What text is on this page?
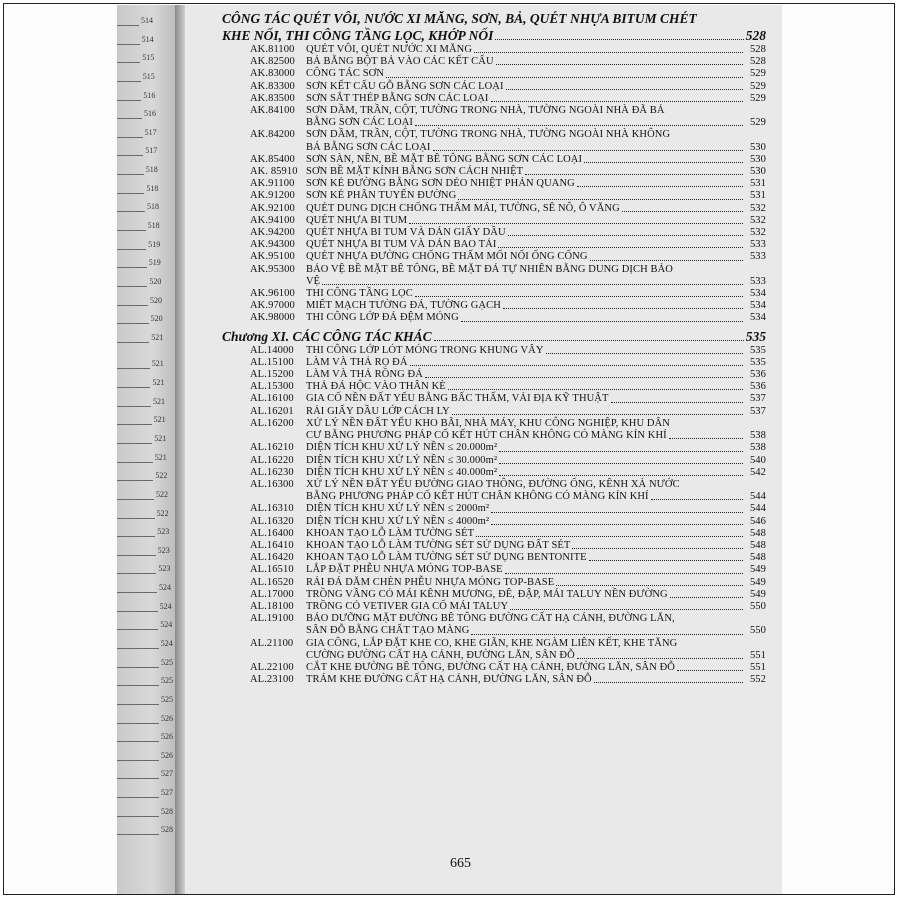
514
514
515
515
516
516
517
517
518
518
518
518
519
519
520
520
520
521
521
521
521
521
521
521
522
522
522
523
523
523
524
524
524
524
525
525
525
526
526
526
527
527
528
528
CÔNG TÁC QUÉT VÔI, NƯỚC XI MĂNG, SƠN, BẢ, QUÉT NHỰA BITUM CHÉT
KHE NỐI, THI CÔNG TẦNG LỌC, KHỚP NỐI	528
AK.81100	QUÉT VÔI, QUÉT NƯỚC XI MĂNG	528
AK.82500	BẢ BẰNG BỘT BẢ VÀO CÁC KẾT CẤU	528
AK.83000	CÔNG TÁC SƠN	529
AK.83300	SƠN KẾT CẤU GỖ BẰNG SƠN CÁC LOẠI	529
AK.83500	SƠN SẮT THÉP BẰNG SƠN CÁC LOẠI	529
AK.84100	SƠN DẦM, TRẦN, CỘT, TƯỜNG TRONG NHÀ, TƯỜNG NGOÀI NHÀ ĐÃ BẢ
BẰNG SƠN CÁC LOẠI	529
AK.84200	SƠN DẦM, TRẦN, CỘT, TƯỜNG TRONG NHÀ, TƯỜNG NGOÀI NHÀ KHÔNG
BẢ BẰNG SƠN CÁC LOẠI	530
AK.85400	SƠN SÀN, NỀN, BỀ MẶT BÊ TÔNG BẰNG SƠN CÁC LOẠI	530
AK. 85910 SƠN BỀ MẶT KÍNH BẰNG SƠN CÁCH NHIỆT	530
AK.91100	SƠN KẺ ĐƯỜNG BẰNG SƠN DẺO NHIỆT PHẢN QUANG	531
AK.91200	SƠN KẺ PHÂN TUYẾN ĐƯỜNG	531
AK.92100	QUÉT DUNG DỊCH CHỐNG THẤM MÁI, TƯỜNG, SÊ NÔ, Ô VĂNG	532
AK.94100	QUÉT NHỰA BI TUM	532
AK.94200	QUÉT NHỰA BI TUM VÀ DÁN GIẤY DẦU	532
AK.94300	QUÉT NHỰA BI TUM VÀ DÁN BAO TẢI	533
AK.95100	QUÉT NHỰA ĐƯỜNG CHỐNG THẤM MỐI NỐI ỐNG CỐNG	533
AK.95300	BẢO VỆ BỀ MẶT BÊ TÔNG, BỀ MẶT ĐÁ TỰ NHIÊN BẰNG DUNG DỊCH BẢO
VỆ	533
AK.96100	THI CÔNG TẦNG LỌC	534
AK.97000	MIẾT MẠCH TƯỜNG ĐÁ, TƯỜNG GẠCH	534
AK.98000	THI CÔNG LỚP ĐÁ ĐỆM MÓNG	534
Chương XI. CÁC CÔNG TÁC KHÁC	535
AL.14000	THI CÔNG LỚP LÓT MÓNG TRONG KHUNG VÂY	535
AL.15100	LÀM VÀ THẢ RỌ ĐÁ	535
AL.15200	LÀM VÀ THẢ RỒNG ĐÁ	536
AL.15300	THẢ ĐÁ HỘC VÀO THÂN KÈ	536
AL.16100	GIA CỐ NỀN ĐẤT YẾU BẰNG BẤC THẤM, VẢI ĐỊA KỸ THUẬT	537
AL.16201	RẢI GIẤY DẦU LỚP CÁCH LY	537
AL.16200	XỬ LÝ NỀN ĐẤT YẾU KHO BÃI, NHÀ MÁY, KHU CÔNG NGHIỆP, KHU DÂN
CƯ BẰNG PHƯƠNG PHÁP CỐ KẾT HÚT CHÂN KHÔNG CÓ MÀNG KÍN KHÍ	538
AL.16210	DIỆN TÍCH KHU XỬ LÝ NỀN ≤ 20.000m²	538
AL.16220	DIỆN TÍCH KHU XỬ LÝ NỀN ≤ 30.000m²	540
AL.16230	DIỆN TÍCH KHU XỬ LÝ NỀN ≤ 40.000m²	542
AL.16300	XỬ LÝ NỀN ĐẤT YẾU ĐƯỜNG GIAO THÔNG, ĐƯỜNG ỐNG, KÊNH XẢ NƯỚC
BẰNG PHƯƠNG PHÁP CỐ KẾT HÚT CHÂN KHÔNG CÓ MÀNG KÍN KHÍ	544
AL.16310	DIỆN TÍCH KHU XỬ LÝ NỀN ≤ 2000m²	544
AL.16320	DIỆN TÍCH KHU XỬ LÝ NỀN ≤ 4000m²	546
AL.16400	KHOAN TẠO LỖ LÀM TƯỜNG SÉT	548
AL.16410	KHOAN TẠO LỖ LÀM TƯỜNG SÉT SỬ DỤNG ĐẤT SÉT	548
AL.16420	KHOAN TẠO LỖ LÀM TƯỜNG SÉT SỬ DỤNG BENTONITE	548
AL.16510	LẮP ĐẶT PHỄU NHỰA MÓNG TOP-BASE	549
AL.16520	RẢI ĐÁ DĂM CHÈN PHỄU NHỰA MÓNG TOP-BASE	549
AL.17000	TRỒNG VẦNG CỎ MÁI KÊNH MƯƠNG, ĐÊ, ĐẬP, MÁI TALUY NỀN ĐƯỜNG	549
AL.18100	TRỒNG CỎ VETIVER GIA CỐ MÁI TALUY	550
AL.19100	BẢO DƯỠNG MẶT ĐƯỜNG BÊ TÔNG ĐƯỜNG CẤT HẠ CÁNH, ĐƯỜNG LĂN,
SÂN ĐỖ BẰNG CHẤT TẠO MÀNG	550
AL.21100	GIA CÔNG, LẮP ĐẶT KHE CO, KHE GIÃN, KHE NGÀM LIÊN KẾT, KHE TĂNG
CƯỜNG ĐƯỜNG CẤT HẠ CÁNH, ĐƯỜNG LĂN, SÂN ĐỖ	551
AL.22100	CẮT KHE ĐƯỜNG BÊ TÔNG, ĐƯỜNG CẤT HẠ CÁNH, ĐƯỜNG LĂN, SÂN ĐỖ	551
AL.23100	TRÁM KHE ĐƯỜNG CẤT HẠ CÁNH, ĐƯỜNG LĂN, SÂN ĐỖ	552
665
